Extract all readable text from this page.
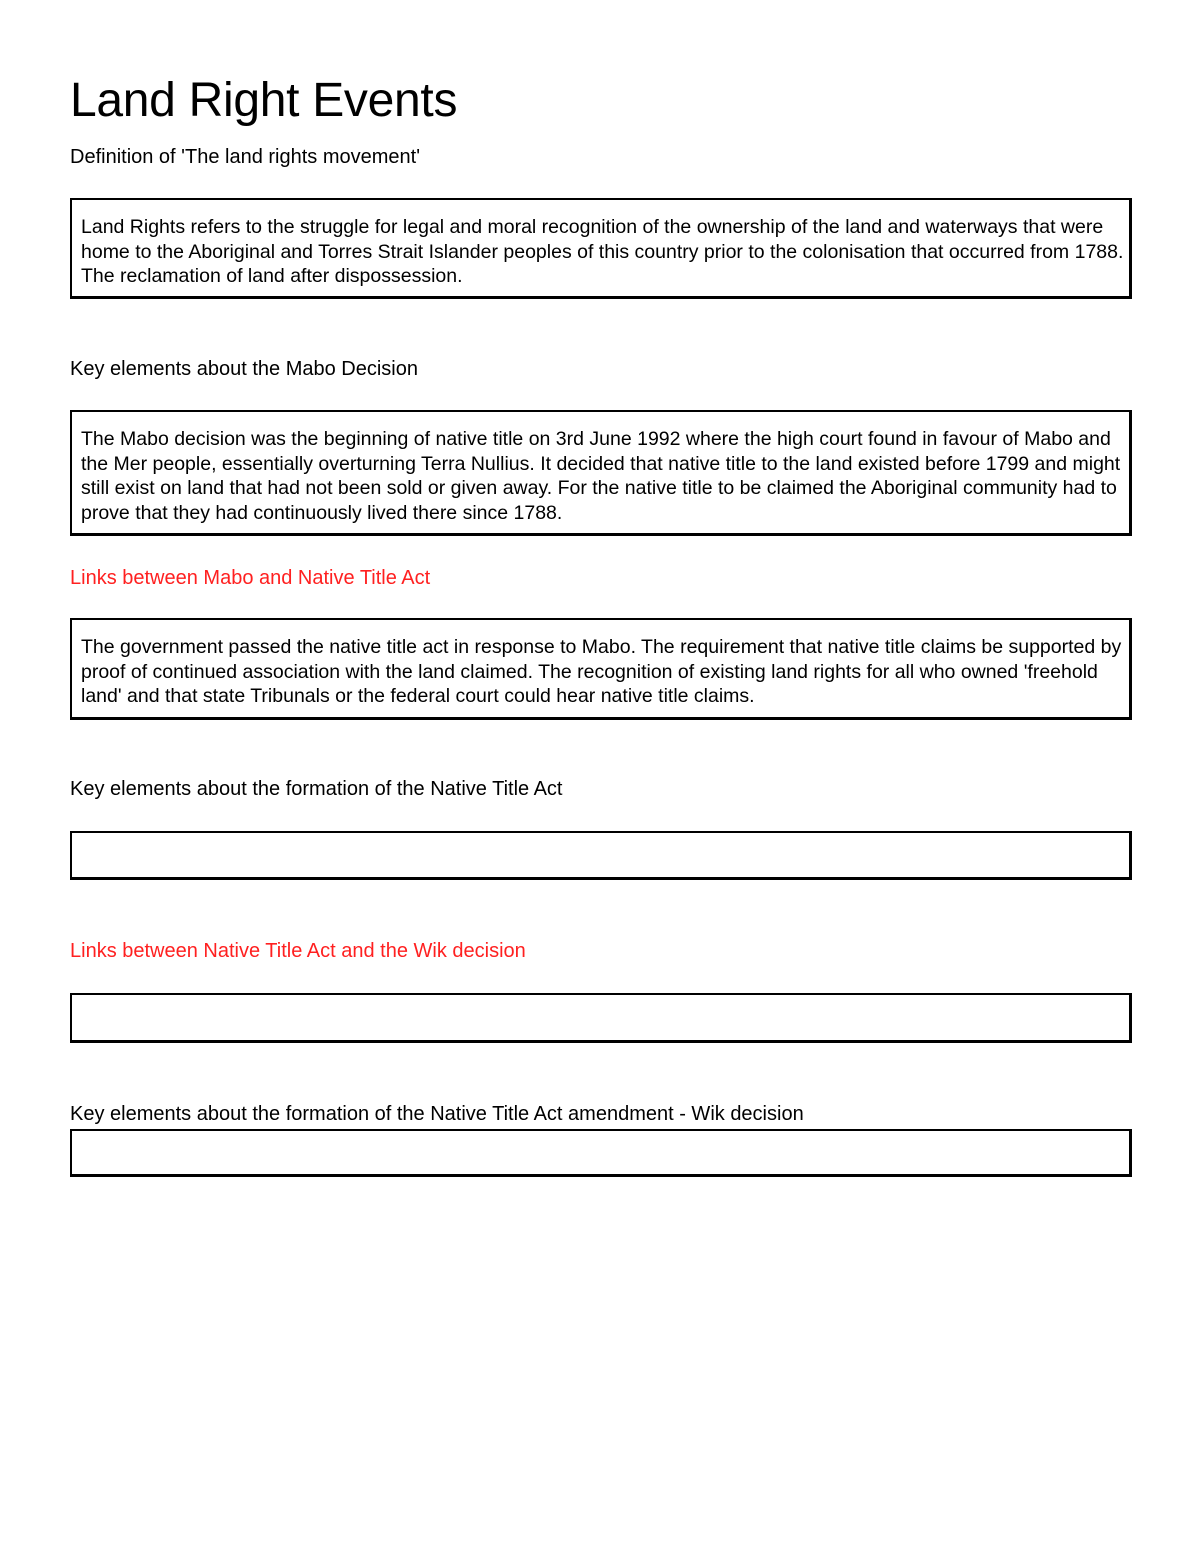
Land Right Events

Definition of 'The land rights movement'

Land Rights refers to the struggle for legal and moral recognition of the ownership of the land and waterways that were home to the Aboriginal and Torres Strait Islander peoples of this country prior to the colonisation that occurred from 1788. The reclamation of land after dispossession.

Key elements about the Mabo Decision

The Mabo decision was the beginning of native title on 3rd June 1992 where the high court found in favour of Mabo and the Mer people, essentially overturning Terra Nullius. It decided that native title to the land existed before 1799 and might still exist on land that had not been sold or given away. For the native title to be claimed the Aboriginal community had to prove that they had continuously lived there since 1788.

Links between Mabo and Native Title Act

The government passed the native title act in response to Mabo. The requirement that native title claims be supported by proof of continued association with the land claimed. The recognition of existing land rights for all who owned 'freehold land' and that state Tribunals or the federal court could hear native title claims.

Key elements about the formation of the Native Title Act

Links between Native Title Act and the Wik decision

Key elements about the formation of the Native Title Act amendment - Wik decision
